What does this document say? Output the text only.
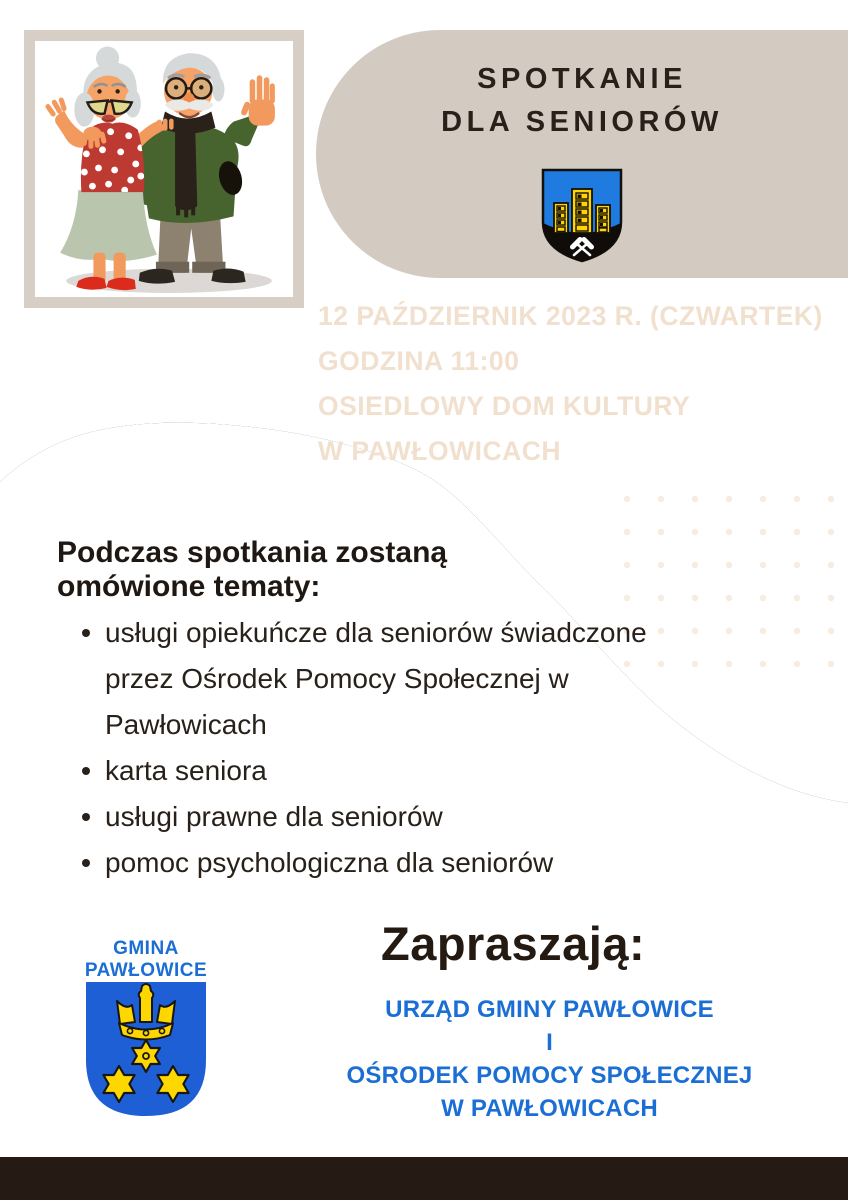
SPOTKANIE
DLA SENIORÓW
12 PAŹDZIERNIK 2023 R. (CZWARTEK)
GODZINA 11:00
OSIEDLOWY DOM KULTURY
W PAWŁOWICACH
Podczas spotkania zostaną omówione tematy:
usługi opiekuńcze dla seniorów świadczone przez Ośrodek Pomocy Społecznej w Pawłowicach
karta seniora
usługi prawne dla seniorów
pomoc psychologiczna dla seniorów
Zapraszają:
URZĄD GMINY PAWŁOWICE
I
OŚRODEK POMOCY SPOŁECZNEJ
W PAWŁOWICACH
GMINA
PAWŁOWICE
